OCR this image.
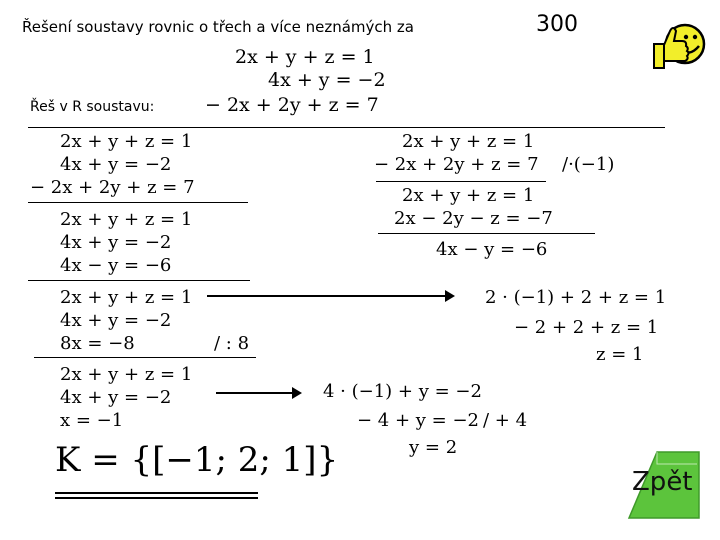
Řešení soustavy rovnic o třech a více neznámých za	300
2x + y + z = 1
4x + y = −2
Řeš v R soustavu:	− 2x + 2y + z = 7
2x + y + z = 1
4x + y = −2
− 2x + 2y + z = 7
2x + y + z = 1
4x + y = −2
4x − y = −6
2x + y + z = 1
4x + y = −2
8x = −8	/ : 8
2x + y + z = 1
4x + y = −2
x = −1
2x + y + z = 1
− 2x + 2y + z = 7 /·(−1)
2x + y + z = 1
2x − 2y − z = −7
4x − y = −6
2 · (−1) + 2 + z = 1
− 2 + 2 + z = 1
z = 1
4 · (−1) + y = −2
− 4 + y = −2 / + 4
y = 2
K = {[−1; 2; 1]}
Zpět
